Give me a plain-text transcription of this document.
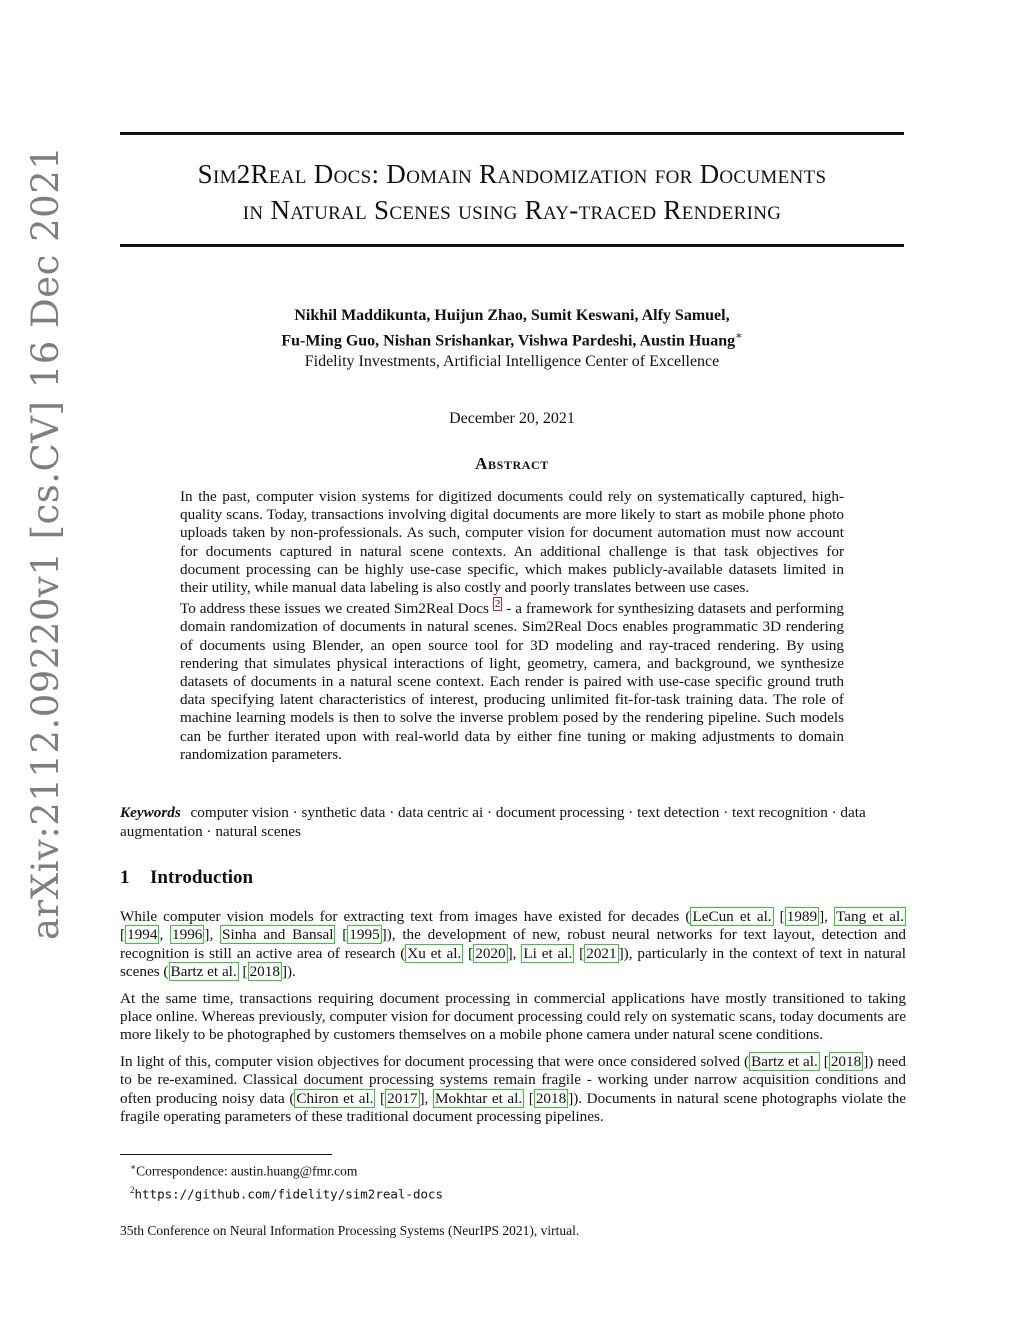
arXiv:2112.09220v1 [cs.CV] 16 Dec 2021	Sim2Real Docs: Domain Randomization for Documents
in Natural Scenes using Ray-traced Rendering
Nikhil Maddikunta, Huijun Zhao, Sumit Keswani, Alfy Samuel,
Fu-Ming Guo, Nishan Srishankar, Vishwa Pardeshi, Austin Huang∗
Fidelity Investments, Artificial Intelligence Center of Excellence
December 20, 2021
Abstract

In the past, computer vision systems for digitized documents could rely on systematically captured, high-quality scans. Today, transactions involving digital documents are more likely to start as mobile phone photo uploads taken by non-professionals. As such, computer vision for document automation must now account for documents captured in natural scene contexts. An additional challenge is that task objectives for document processing can be highly use-case specific, which makes publicly-available datasets limited in their utility, while manual data labeling is also costly and poorly translates between use cases.

To address these issues we created Sim2Real Docs $^2$ - a framework for synthesizing datasets and performing domain randomization of documents in natural scenes. Sim2Real Docs enables programmatic 3D rendering of documents using Blender, an open source tool for 3D modeling and ray-traced rendering. By using rendering that simulates physical interactions of light, geometry, camera, and background, we synthesize datasets of documents in a natural scene context. Each render is paired with use-case specific ground truth data specifying latent characteristics of interest, producing unlimited fit-for-task training data. The role of machine learning models is then to solve the inverse problem posed by the rendering pipeline. Such models can be further iterated upon with real-world data by either fine tuning or making adjustments to domain randomization parameters.

Keywords computer vision · synthetic data · data centric ai · document processing · text detection · text recognition · data augmentation · natural scenes
1 Introduction

While computer vision models for extracting text from images have existed for decades ( LeCun et al. [ 1989 ], Tang et al. [ 1994 , 1996 ], Sinha and Bansal [ 1995 ]), the development of new, robust neural networks for text layout, detection and recognition is still an active area of research ( Xu et al. [ 2020 ], Li et al. [ 2021 ]), particularly in the context of text in natural scenes ( Bartz et al. [ 2018 ]).

At the same time, transactions requiring document processing in commercial applications have mostly transitioned to taking place online. Whereas previously, computer vision for document processing could rely on systematic scans, today documents are more likely to be photographed by customers themselves on a mobile phone camera under natural scene conditions.

In light of this, computer vision objectives for document processing that were once considered solved ( Bartz et al. [ 2018 ]) need to be re-examined. Classical document processing systems remain fragile - working under narrow acquisition conditions and often producing noisy data ( Chiron et al. [ 2017 ], Mokhtar et al. [ 2018 ]). Documents in natural scene photographs violate the fragile operating parameters of these traditional document processing pipelines.

∗Correspondence: austin.huang@fmr.com
$^2$https://github.com/fidelity/sim2real-docs
35th Conference on Neural Information Processing Systems (NeurIPS 2021), virtual.
